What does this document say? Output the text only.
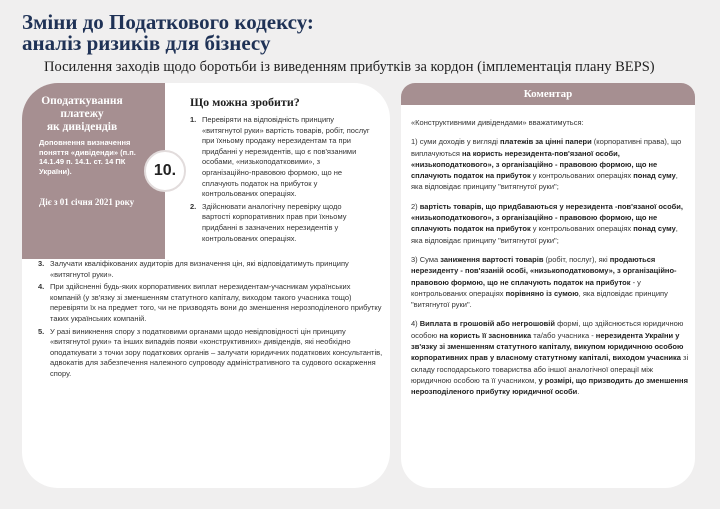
Зміни до Податкового кодексу:
аналіз ризиків для бізнесу
Посилення заходів щодо боротьби із виведенням прибутків за кордон (імплементація плану BEPS)
Оподаткування
платежу
як дивідендів
Доповнення визначення поняття «дивіденди» (п.п. 14.1.49 п. 14.1. ст. 14 ПК України).
Діє з 01 січня 2021 року
10.
Що можна зробити?
1. Перевіряти на відповідність принципу «витягнутої руки» вартість товарів, робіт, послуг при їхньому продажу нерезидентам та при придбанні у нерезидентів, що є пов'язаними особами, «низькоподатковими», з організаційно-правовою формою, що не сплачують податок на прибуток у контрольованих операціях.
2. Здійснювати аналогічну перевірку щодо вартості корпоративних прав при їхньому придбанні в зазначених нерезидентів у контрольованих операціях.
3. Залучати кваліфікованих аудиторів для визначення цін, які відповідатимуть принципу «витягнутої руки».
4. При здійсненні будь-яких корпоративних виплат нерезидентам-учасникам українських компаній (у зв'язку зі зменшенням статутного капіталу, виходом такого учасника тощо) перевіряти їх на предмет того, чи не призводять вони до зменшення нерозподіленого прибутку таких українських компаній.
5. У разі виникнення спору з податковими органами щодо невідповідності цін принципу «витягнутої руки» та інших випадків появи «конструктивних» дивідендів, які необхідно оподаткувати з точки зору податкових органів – залучати юридичних податкових консультантів, адвокатів для забезпечення належного супроводу адміністративного та судового оскарження спору.
Коментар

«Конструктивними дивідендами» вважатимуться:

1) суми доходів у вигляді платежів за цінні папери (корпоративні права), що виплачуються на користь нерезидента-пов'язаної особи, «низькоподаткового», з організаційно - правовою формою, що не сплачують податок на прибуток у контрольованих операціях понад суму, яка відповідає принципу "витягнутої руки";

2) вартість товарів, що придбаваються у нерезидента -пов'язаної особи, «низькоподаткового», з організаційно - правовою формою, що не сплачують податок на прибуток у контрольованих операціях понад суму, яка відповідає принципу "витягнутої руки";

3) Сума заниження вартості товарів (робіт, послуг), які продаються нерезиденту - пов'язаній особі, «низькоподатковому», з організаційно-правовою формою, що не сплачують податок на прибуток - у контрольованих операціях порівняно із сумою, яка відповідає принципу "витягнутої руки".

4) Виплата в грошовій або негрошовій формі, що здійснюється юридичною особою на користь її засновника та/або учасника - нерезидента України у зв'язку зі зменшенням статутного капіталу, викупом юридичною особою корпоративних прав у власному статутному капіталі, виходом учасника зі складу господарського товариства або іншої аналогічної операції між юридичною особою та її учасником, у розмірі, що призводить до зменшення нерозподіленого прибутку юридичної особи.
